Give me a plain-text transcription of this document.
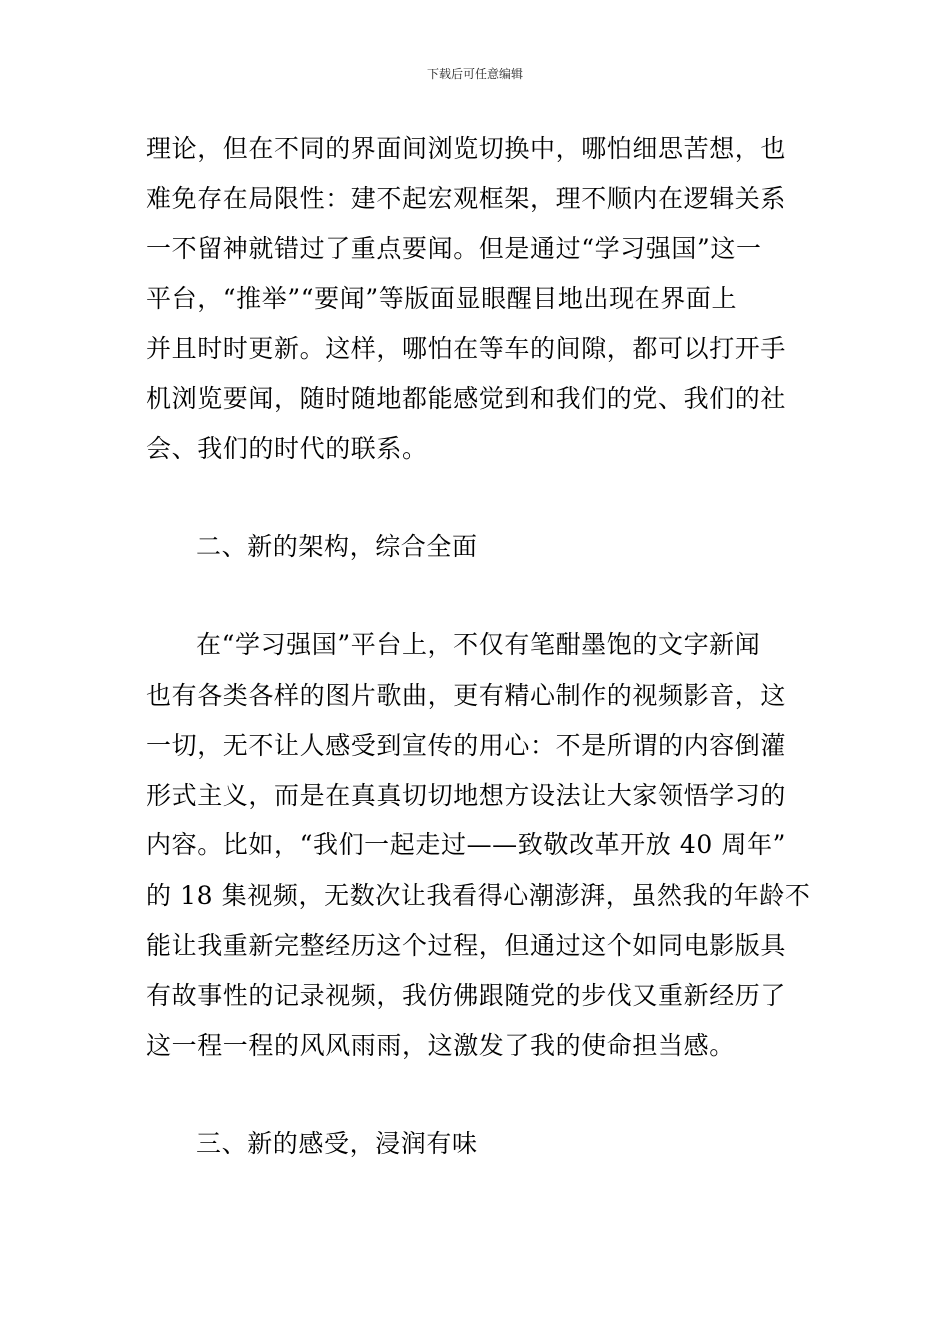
下载后可任意编辑
理论，但在不同的界面间浏览切换中，哪怕细思苦想，也
难免存在局限性：建不起宏观框架，理不顺内在逻辑关系
一不留神就错过了重点要闻。但是通过“学习强国”这一
平台，“推举”“要闻”等版面显眼醒目地出现在界面上
并且时时更新。这样，哪怕在等车的间隙，都可以打开手
机浏览要闻，随时随地都能感觉到和我们的党、我们的社
会、我们的时代的联系。
二、新的架构，综合全面
在“学习强国”平台上，不仅有笔酣墨饱的文字新闻
也有各类各样的图片歌曲，更有精心制作的视频影音，这
一切，无不让人感受到宣传的用心：不是所谓的内容倒灌
形式主义，而是在真真切切地想方设法让大家领悟学习的
内容。比如，“我们一起走过——致敬改革开放 40 周年”
的 18 集视频，无数次让我看得心潮澎湃，虽然我的年龄不
能让我重新完整经历这个过程，但通过这个如同电影版具
有故事性的记录视频，我仿佛跟随党的步伐又重新经历了
这一程一程的风风雨雨，这激发了我的使命担当感。
三、新的感受，浸润有味
